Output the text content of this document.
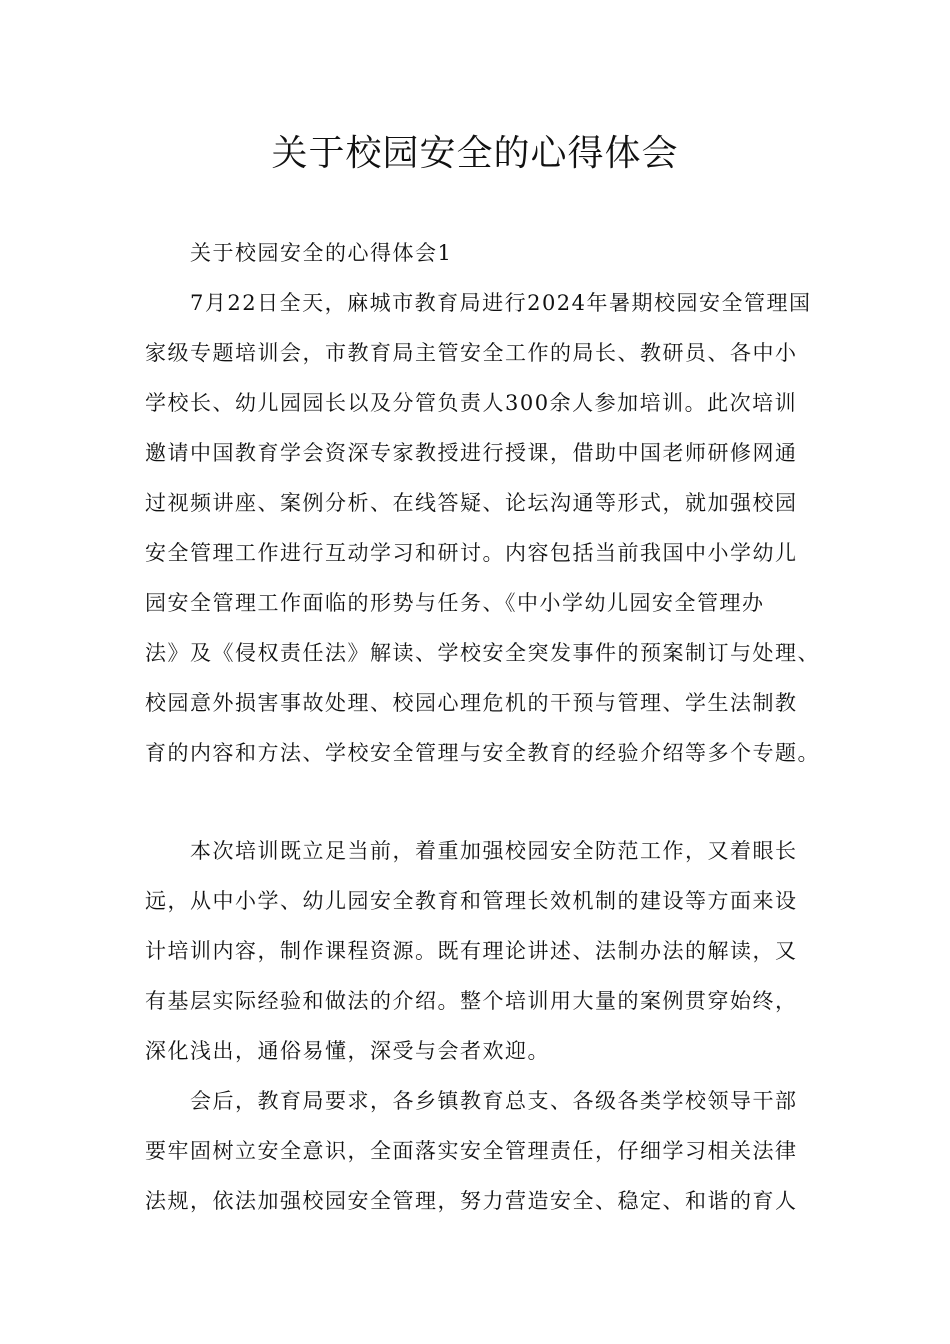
关于校园安全的心得体会
关于校园安全的心得体会1
7月22日全天，麻城市教育局进行2024年暑期校园安全管理国
家级专题培训会，市教育局主管安全工作的局长、教研员、各中小
学校长、幼儿园园长以及分管负责人300余人参加培训。此次培训
邀请中国教育学会资深专家教授进行授课，借助中国老师研修网通
过视频讲座、案例分析、在线答疑、论坛沟通等形式，就加强校园
安全管理工作进行互动学习和研讨。内容包括当前我国中小学幼儿
园安全管理工作面临的形势与任务、《中小学幼儿园安全管理办
法》及《侵权责任法》解读、学校安全突发事件的预案制订与处理、
校园意外损害事故处理、校园心理危机的干预与管理、学生法制教
育的内容和方法、学校安全管理与安全教育的经验介绍等多个专题。
本次培训既立足当前，着重加强校园安全防范工作，又着眼长
远，从中小学、幼儿园安全教育和管理长效机制的建设等方面来设
计培训内容，制作课程资源。既有理论讲述、法制办法的解读，又
有基层实际经验和做法的介绍。整个培训用大量的案例贯穿始终，
深化浅出，通俗易懂，深受与会者欢迎。
会后，教育局要求，各乡镇教育总支、各级各类学校领导干部
要牢固树立安全意识，全面落实安全管理责任，仔细学习相关法律
法规，依法加强校园安全管理，努力营造安全、稳定、和谐的育人
